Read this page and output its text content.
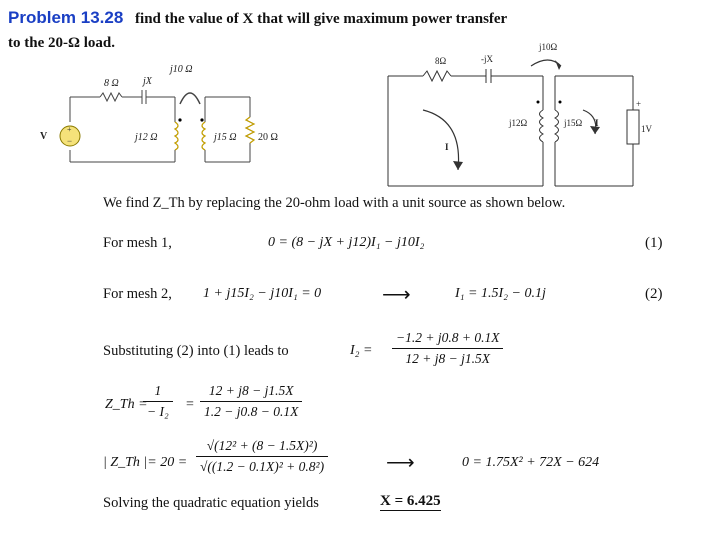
Problem 13.28 find the value of X that will give maximum power transfer
to the 20-Ω load.
+
−
8 Ω jX
j10 Ω
V	j12 Ω	j15 Ω 20 Ω
8Ω	-jX
j10Ω
j12Ω	j15Ω
I
I
+
1V
We find Z_Th by replacing the 20-ohm load with a unit source as shown below.
For mesh 1,	0 = (8 − jX + j12)I₁ − j10I₂	(1)
For mesh 2, 1 + j15I₂ − j10I₁ = 0	⟶	I₁ = 1.5I₂ − 0.1j	(2)
Substituting (2) into (1) leads to	$I_2 = \frac{-1.2 + j0.8 + 0.1X}{12 + j8 - j1.5X}$
Z_Th =
$\frac{1}{\text{− I₂}} = \frac{12 + j8 - j1.5X}{1.2 - j0.8 - 0.1X}$
| Z_Th |= $20 = \frac{\text{√(12² + (8 − 1.5X)²)}}{\text{√((1.2 − 0.1X)² + 0.8²)}}$	⟶	0 = 1.75X² + 72X − 624
Solving the quadratic equation yields	X = 6.425
